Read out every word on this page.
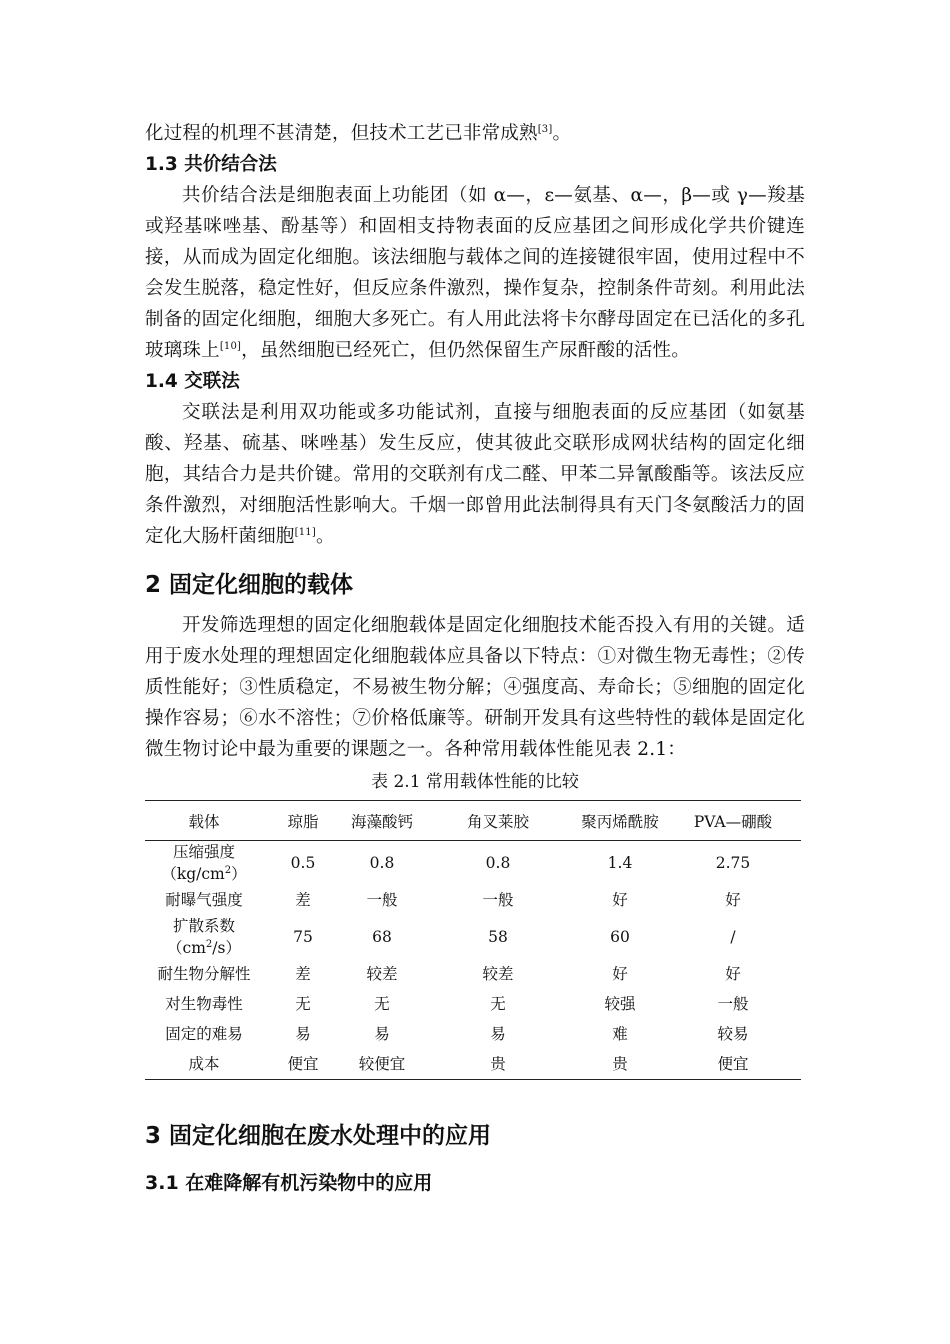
化过程的机理不甚清楚，但技术工艺已非常成熟[3]。

1.3 共价结合法

共价结合法是细胞表面上功能团（如 α—，ε—氨基、α—，β—或 γ—羧基或羟基咪唑基、酚基等）和固相支持物表面的反应基团之间形成化学共价键连接，从而成为固定化细胞。该法细胞与载体之间的连接键很牢固，使用过程中不会发生脱落，稳定性好，但反应条件激烈，操作复杂，控制条件苛刻。利用此法制备的固定化细胞，细胞大多死亡。有人用此法将卡尔酵母固定在已活化的多孔玻璃珠上[10]，虽然细胞已经死亡，但仍然保留生产尿酐酸的活性。

1.4 交联法

交联法是利用双功能或多功能试剂，直接与细胞表面的反应基团（如氨基酸、羟基、硫基、咪唑基）发生反应，使其彼此交联形成网状结构的固定化细胞，其结合力是共价键。常用的交联剂有戊二醛、甲苯二异氰酸酯等。该法反应条件激烈，对细胞活性影响大。千烟一郎曾用此法制得具有天门冬氨酸活力的固定化大肠杆菌细胞[11]。

2 固定化细胞的载体

开发筛选理想的固定化细胞载体是固定化细胞技术能否投入有用的关键。适用于废水处理的理想固定化细胞载体应具备以下特点：①对微生物无毒性；②传质性能好；③性质稳定，不易被生物分解；④强度高、寿命长；⑤细胞的固定化操作容易；⑥水不溶性；⑦价格低廉等。研制开发具有这些特性的载体是固定化微生物讨论中最为重要的课题之一。各种常用载体性能见表 2.1：

表 2.1 常用载体性能的比较
载体	琼脂	海藻酸钙	角叉莱胶	聚丙烯酰胺	PVA—硼酸
压缩强度
$(kg/cm^2)$	0.5	0.8	0.8	1.4	2.75
耐曝气强度	差	一般	一般	好	好
扩散系数
$(cm^2/s)$	75	68	58	60	/
耐生物分解性	差	较差	较差	好	好
对生物毒性	无	无	无	较强	一般
固定的难易	易	易	易	难	较易
成本	便宜	较便宜	贵	贵	便宜
3 固定化细胞在废水处理中的应用
3.1 在难降解有机污染物中的应用
